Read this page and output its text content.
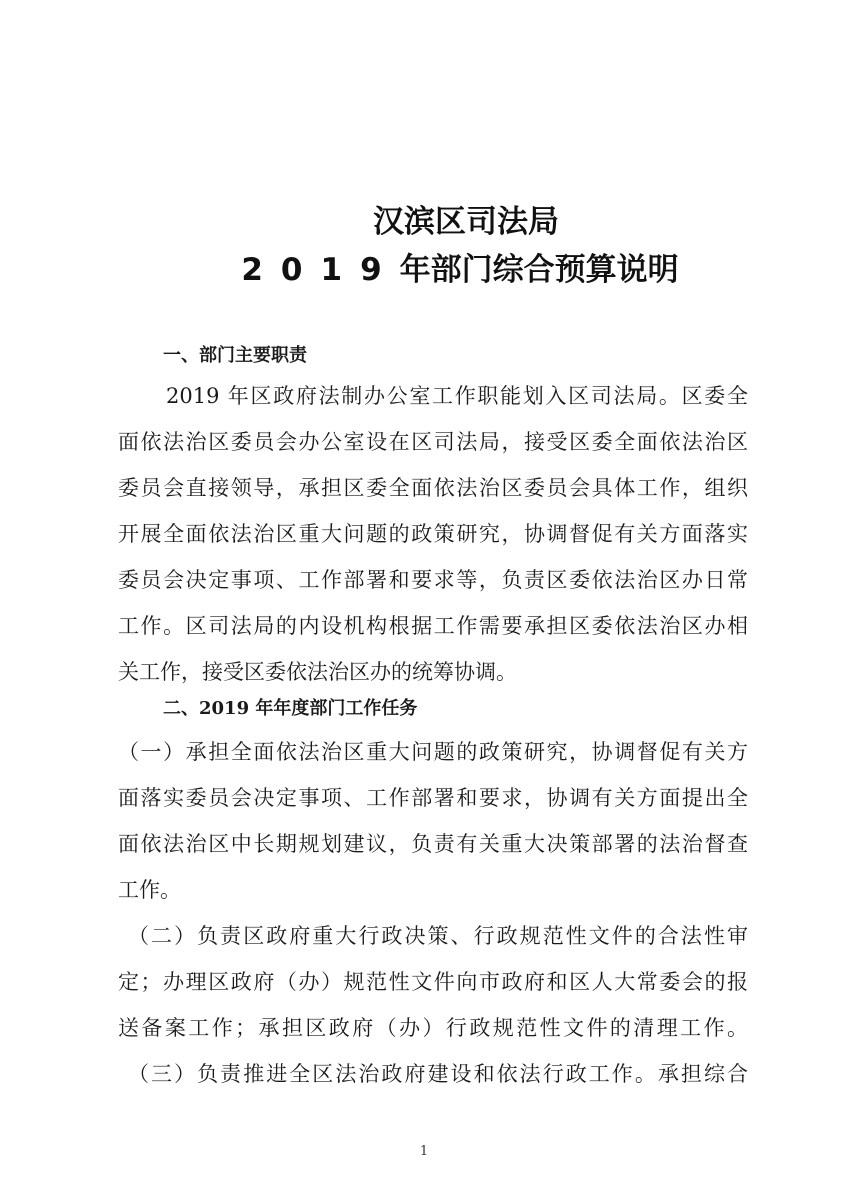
汉滨区司法局
2019年部门综合预算说明
一、部门主要职责
2019 年区政府法制办公室工作职能划入区司法局。区委全
面依法治区委员会办公室设在区司法局，接受区委全面依法治区
委员会直接领导，承担区委全面依法治区委员会具体工作，组织
开展全面依法治区重大问题的政策研究，协调督促有关方面落实
委员会决定事项、工作部署和要求等，负责区委依法治区办日常
工作。区司法局的内设机构根据工作需要承担区委依法治区办相
关工作，接受区委依法治区办的统筹协调。
二、2019 年年度部门工作任务
（一）承担全面依法治区重大问题的政策研究，协调督促有关方
面落实委员会决定事项、工作部署和要求，协调有关方面提出全
面依法治区中长期规划建议，负责有关重大决策部署的法治督查
工作。
（二）负责区政府重大行政决策、行政规范性文件的合法性审
定；办理区政府（办）规范性文件向市政府和区人大常委会的报
送备案工作；承担区政府（办）行政规范性文件的清理工作。
（三）负责推进全区法治政府建设和依法行政工作。承担综合
1
